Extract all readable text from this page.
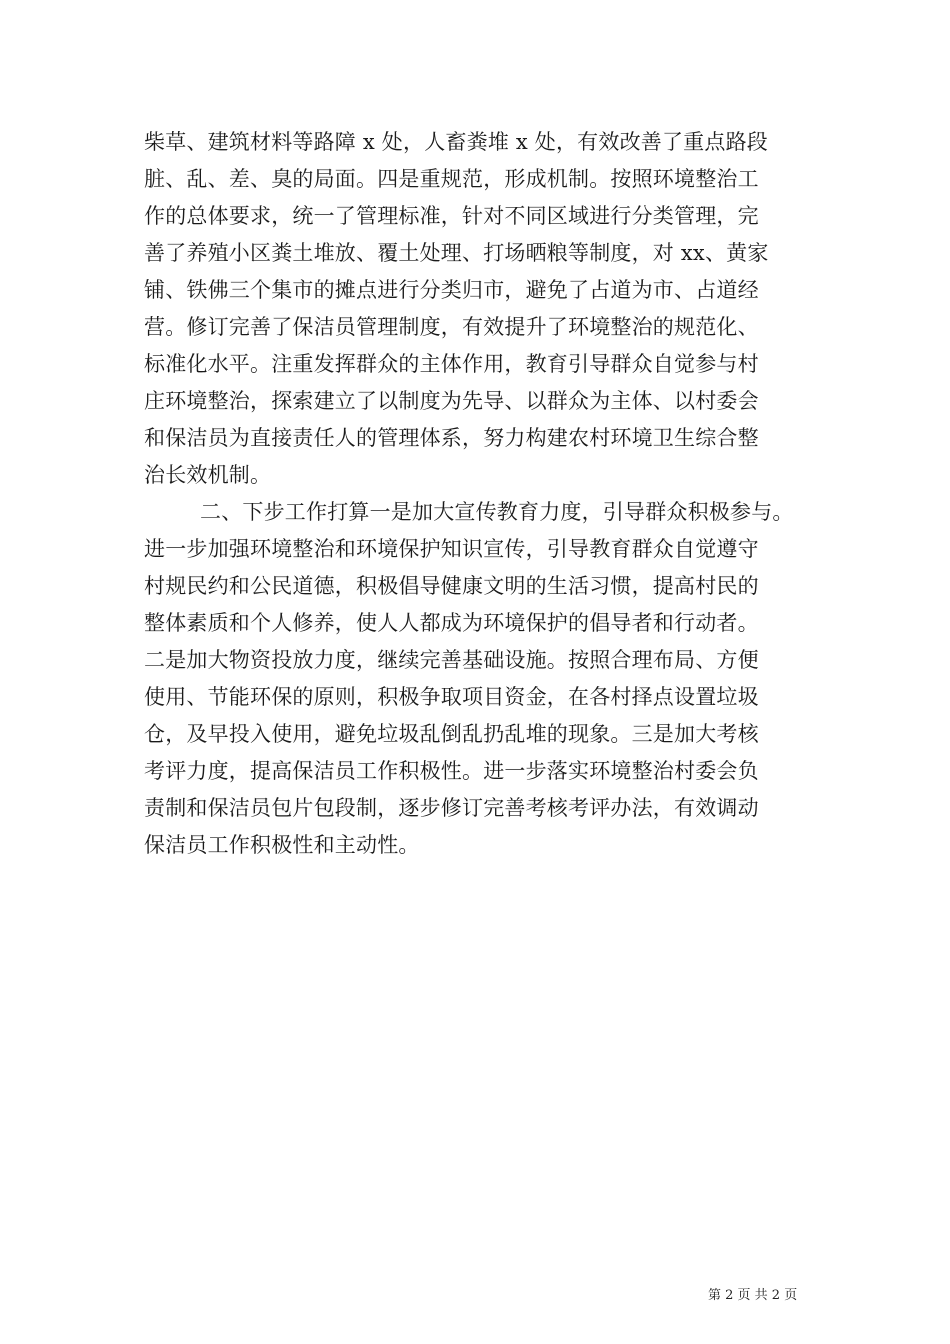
柴草、建筑材料等路障 x 处，人畜粪堆 x 处，有效改善了重点路段
脏、乱、差、臭的局面。四是重规范，形成机制。按照环境整治工
作的总体要求，统一了管理标准，针对不同区域进行分类管理，完
善了养殖小区粪土堆放、覆土处理、打场晒粮等制度，对 xx、黄家
铺、铁佛三个集市的摊点进行分类归市，避免了占道为市、占道经
营。修订完善了保洁员管理制度，有效提升了环境整治的规范化、
标准化水平。注重发挥群众的主体作用，教育引导群众自觉参与村
庄环境整治，探索建立了以制度为先导、以群众为主体、以村委会
和保洁员为直接责任人的管理体系，努力构建农村环境卫生综合整
治长效机制。
二、下步工作打算一是加大宣传教育力度，引导群众积极参与。
进一步加强环境整治和环境保护知识宣传，引导教育群众自觉遵守
村规民约和公民道德，积极倡导健康文明的生活习惯，提高村民的
整体素质和个人修养，使人人都成为环境保护的倡导者和行动者。
二是加大物资投放力度，继续完善基础设施。按照合理布局、方便
使用、节能环保的原则，积极争取项目资金，在各村择点设置垃圾
仓，及早投入使用，避免垃圾乱倒乱扔乱堆的现象。三是加大考核
考评力度，提高保洁员工作积极性。进一步落实环境整治村委会负
责制和保洁员包片包段制，逐步修订完善考核考评办法，有效调动
保洁员工作积极性和主动性。
第 2 页 共 2 页
